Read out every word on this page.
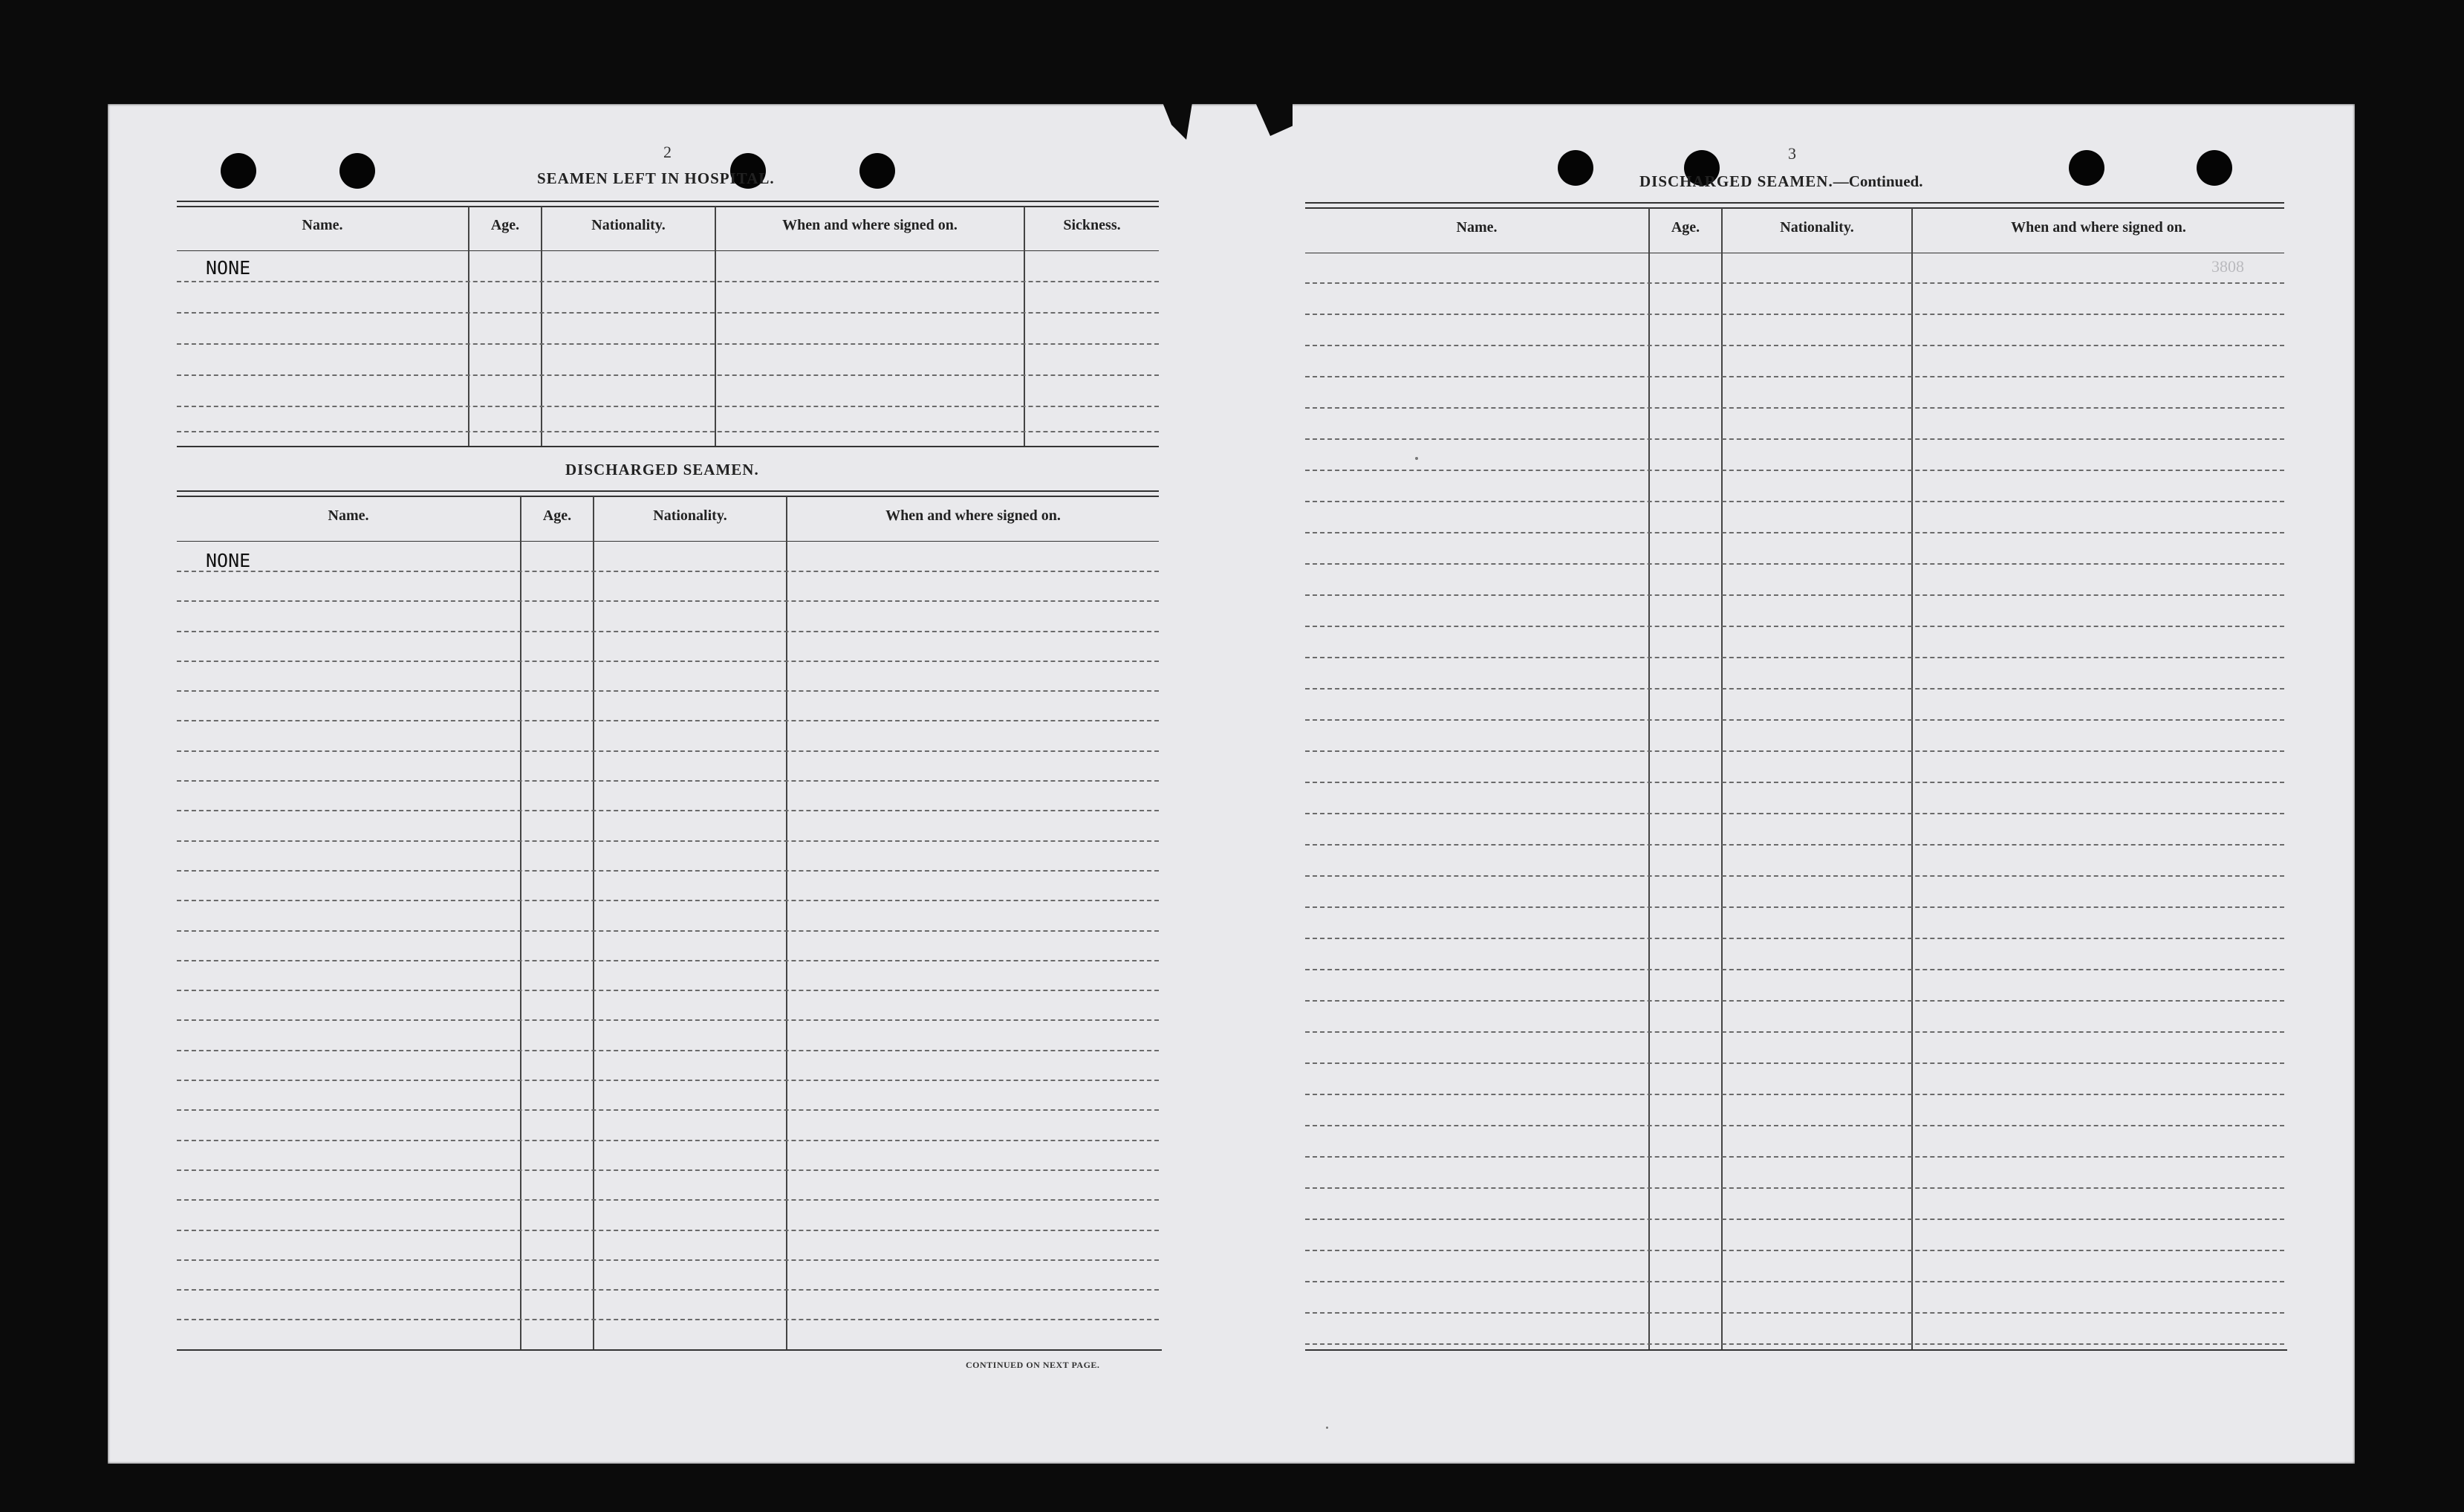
2
SEAMEN LEFT IN HOSPITAL.
Name.	Age.	Nationality.	When and where signed on.	Sickness.
NONE
DISCHARGED SEAMEN.
Name.	Age.	Nationality.	When and where signed on.
NONE
CONTINUED ON NEXT PAGE.
3
DISCHARGED SEAMEN.—Continued.
Name.	Age.	Nationality.	When and where signed on.
3808
